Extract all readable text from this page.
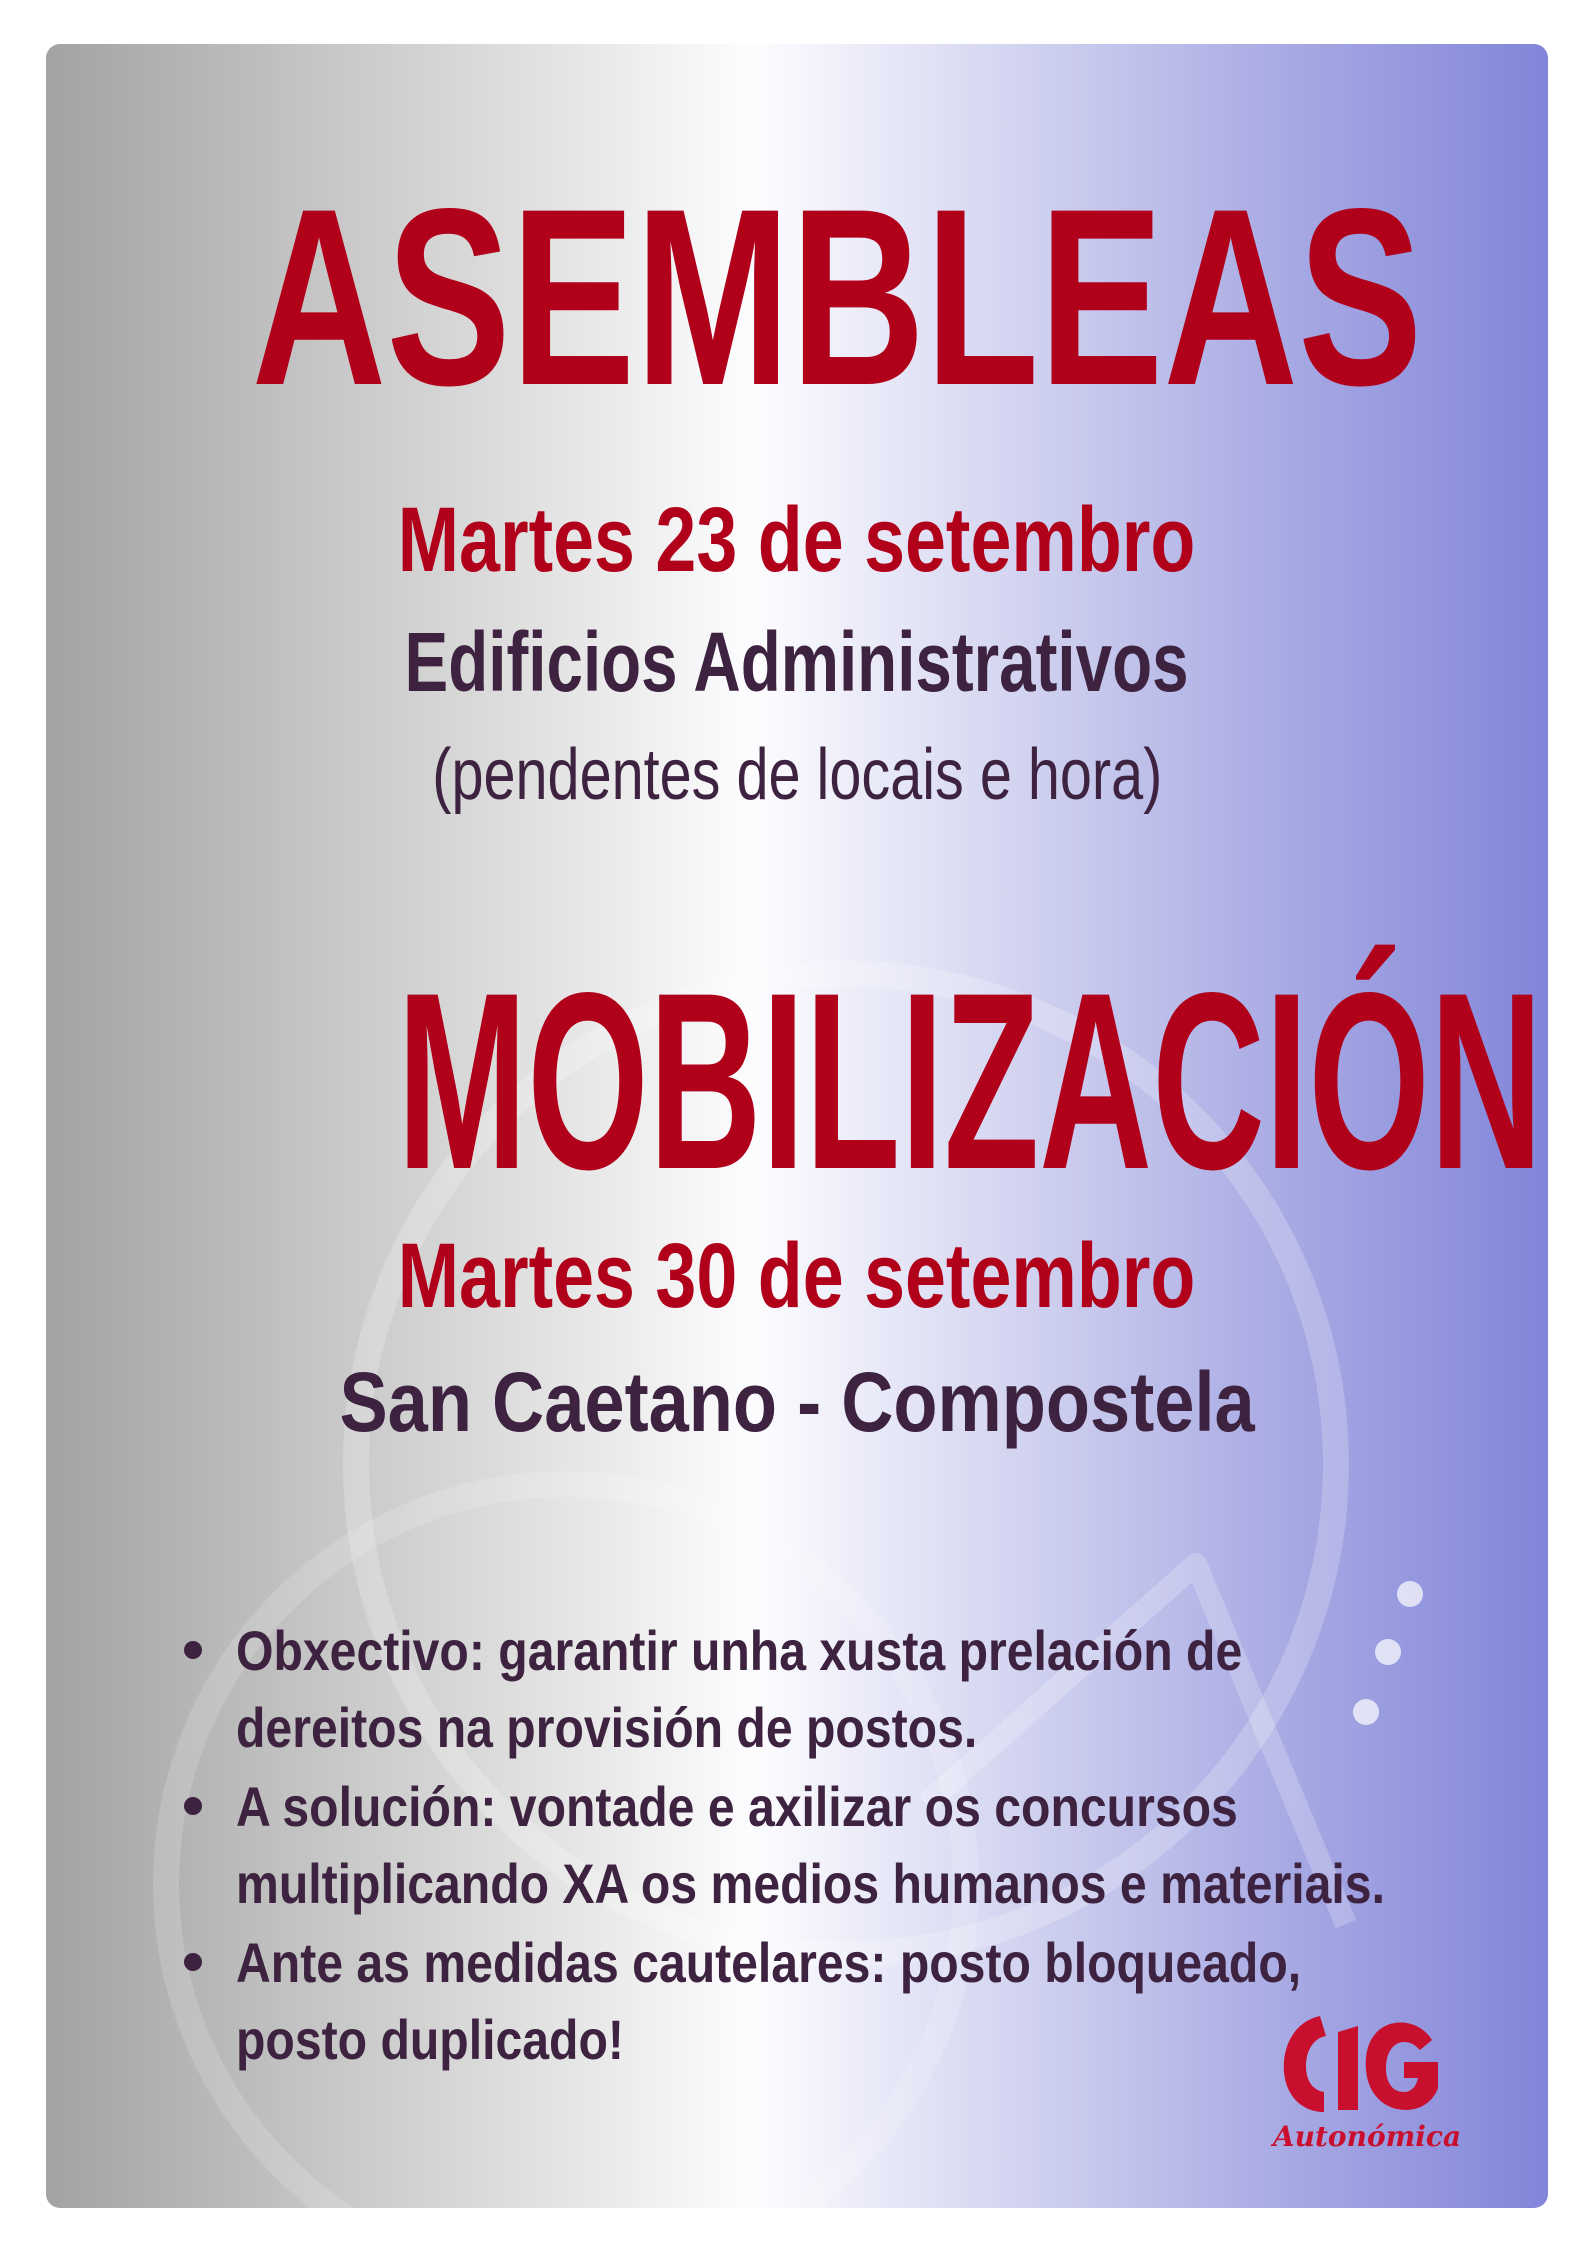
ASEMBLEAS
Martes 23 de setembro
Edificios Administrativos
(pendentes de locais e hora)
MOBILIZACIÓN
Martes 30 de setembro
San Caetano - Compostela
Obxectivo: garantir unha xusta prelación de
dereitos na provisión de postos.
A solución: vontade e axilizar os concursos
multiplicando XA os medios humanos e materiais.
Ante as medidas cautelares: posto bloqueado,
posto duplicado!
Autonómica
